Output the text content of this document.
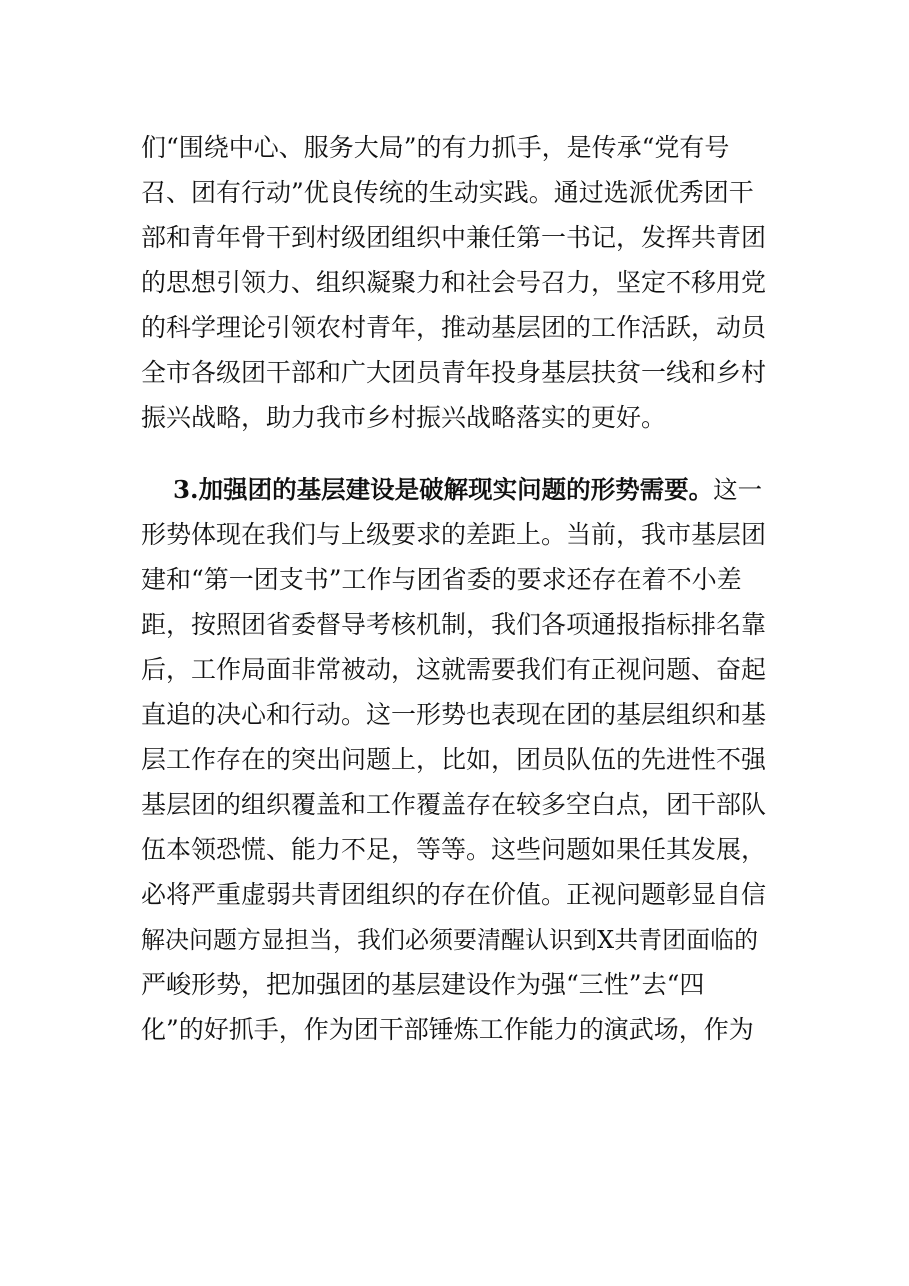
们“围绕中心、服务大局”的有力抓手，是传承“党有号
召、团有行动”优良传统的生动实践。通过选派优秀团干
部和青年骨干到村级团组织中兼任第一书记，发挥共青团
的思想引领力、组织凝聚力和社会号召力，坚定不移用党
的科学理论引领农村青年，推动基层团的工作活跃，动员
全市各级团干部和广大团员青年投身基层扶贫一线和乡村
振兴战略，助力我市乡村振兴战略落实的更好。
3.加强团的基层建设是破解现实问题的形势需要。这一
形势体现在我们与上级要求的差距上。当前，我市基层团
建和“第一团支书”工作与团省委的要求还存在着不小差
距，按照团省委督导考核机制，我们各项通报指标排名靠
后，工作局面非常被动，这就需要我们有正视问题、奋起
直追的决心和行动。这一形势也表现在团的基层组织和基
层工作存在的突出问题上，比如，团员队伍的先进性不强
基层团的组织覆盖和工作覆盖存在较多空白点，团干部队
伍本领恐慌、能力不足，等等。这些问题如果任其发展，
必将严重虚弱共青团组织的存在价值。正视问题彰显自信
解决问题方显担当，我们必须要清醒认识到X共青团面临的
严峻形势，把加强团的基层建设作为强“三性”去“四
化”的好抓手，作为团干部锤炼工作能力的演武场，作为
